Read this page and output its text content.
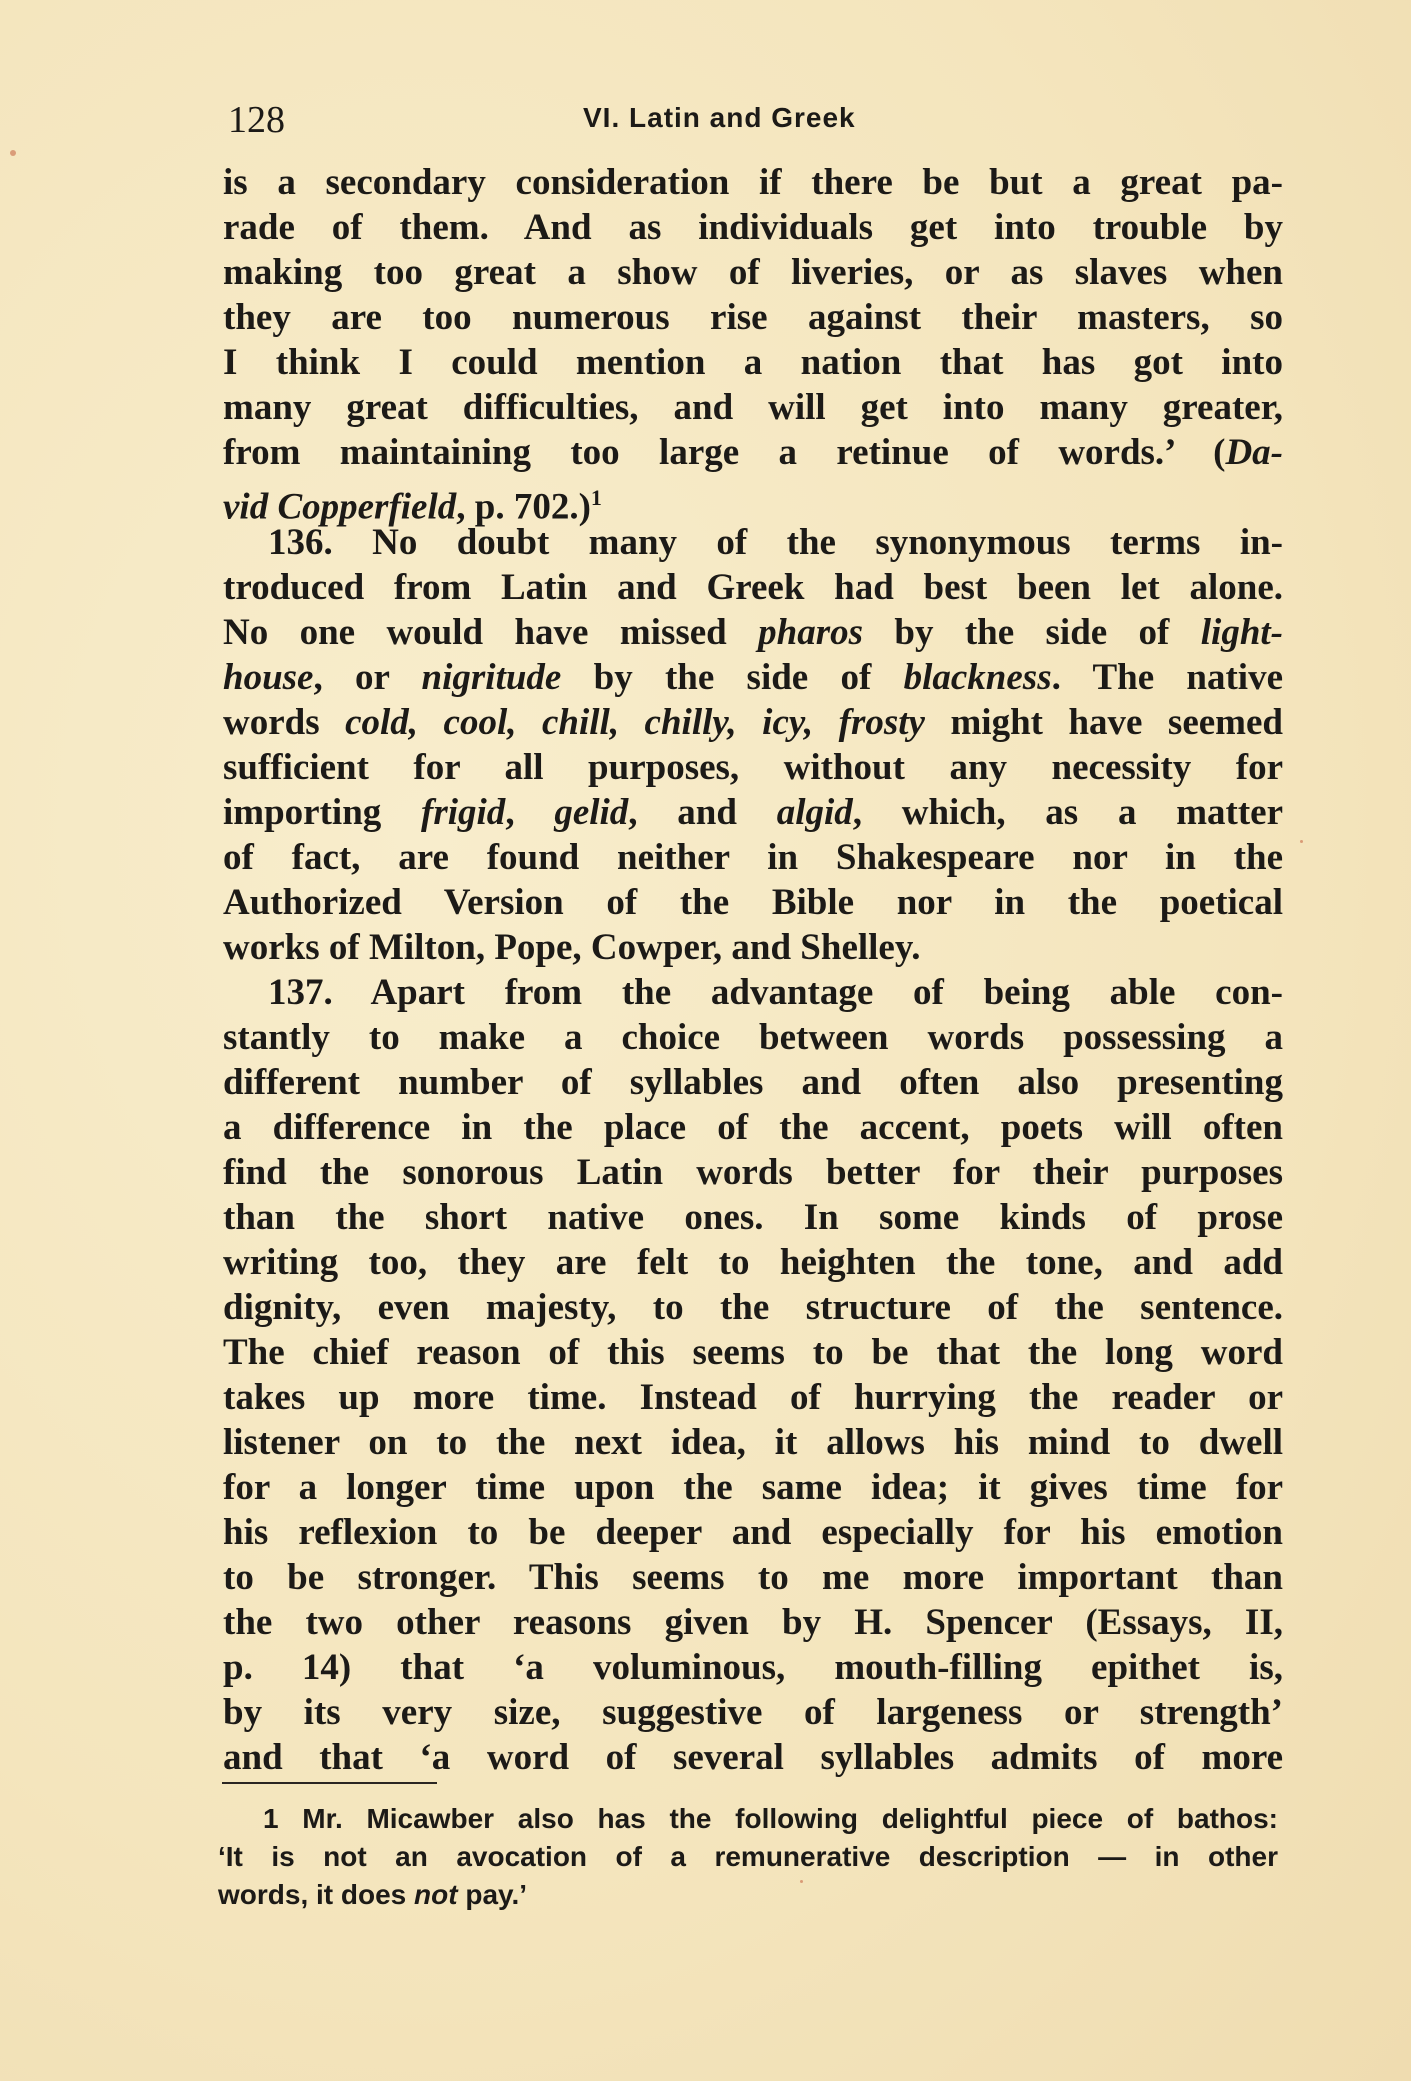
128	VI. Latin and Greek
is a secondary consideration if there be but a great pa-
rade of them. And as individuals get into trouble by
making too great a show of liveries, or as slaves when
they are too numerous rise against their masters, so
I think I could mention a nation that has got into
many great difficulties, and will get into many greater,
from maintaining too large a retinue of words.’ (Da-
vid Copperfield, p. 702.)$^1$
136. No doubt many of the synonymous terms in-
troduced from Latin and Greek had best been let alone.
No one would have missed pharos by the side of light-
house, or nigritude by the side of blackness. The native
words cold, cool, chill, chilly, icy, frosty might have seemed
sufficient for all purposes, without any necessity for
importing frigid, gelid, and algid, which, as a matter
of fact, are found neither in Shakespeare nor in the
Authorized Version of the Bible nor in the poetical
works of Milton, Pope, Cowper, and Shelley.
137. Apart from the advantage of being able con-
stantly to make a choice between words possessing a
different number of syllables and often also presenting
a difference in the place of the accent, poets will often
find the sonorous Latin words better for their purposes
than the short native ones. In some kinds of prose
writing too, they are felt to heighten the tone, and add
dignity, even majesty, to the structure of the sentence.
The chief reason of this seems to be that the long word
takes up more time. Instead of hurrying the reader or
listener on to the next idea, it allows his mind to dwell
for a longer time upon the same idea; it gives time for
his reflexion to be deeper and especially for his emotion
to be stronger. This seems to me more important than
the two other reasons given by H. Spencer (Essays, II,
p. 14) that ‘a voluminous, mouth-filling epithet is,
by its very size, suggestive of largeness or strength’
and that ‘a word of several syllables admits of more
1 Mr. Micawber also has the following delightful piece of bathos:
‘It is not an avocation of a remunerative description — in other
words, it does not pay.’
